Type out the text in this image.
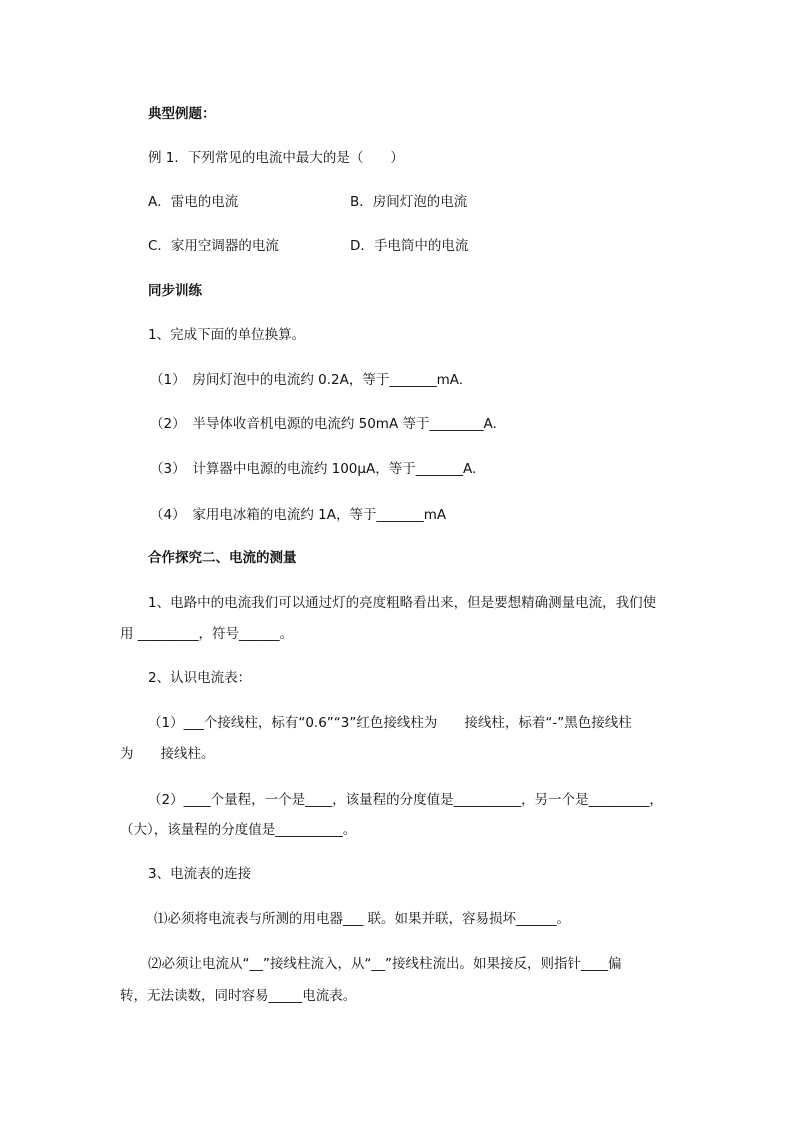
典型例题：
例 1．下列常见的电流中最大的是（　　）
A．雷电的电流	B．房间灯泡的电流
C．家用空调器的电流	D．手电筒中的电流
同步训练
1、完成下面的单位换算。
（1）　房间灯泡中的电流约 0.2A，等于_______mA.
（2）　半导体收音机电源的电流约 50mA 等于________A.
（3）　计算器中电源的电流约 100μA，等于_______A.
（4）　家用电冰箱的电流约 1A，等于_______mA
合作探究二、电流的测量
1、电路中的电流我们可以通过灯的亮度粗略看出来，但是要想精确测量电流，我们使
用 _________，符号______。
2、认识电流表：
（1）___个接线柱，标有“0.6”“3”红色接线柱为　　接线柱，标着“-”黑色接线柱
为　　接线柱。
（2）____个量程，一个是____，该量程的分度值是__________，另一个是_________，
（大），该量程的分度值是__________。
3、电流表的连接
⑴必须将电流表与所测的用电器___ 联。如果并联，容易损坏______。
⑵必须让电流从“__”接线柱流入，从“__”接线柱流出。如果接反，则指针____偏
转，无法读数，同时容易_____电流表。
